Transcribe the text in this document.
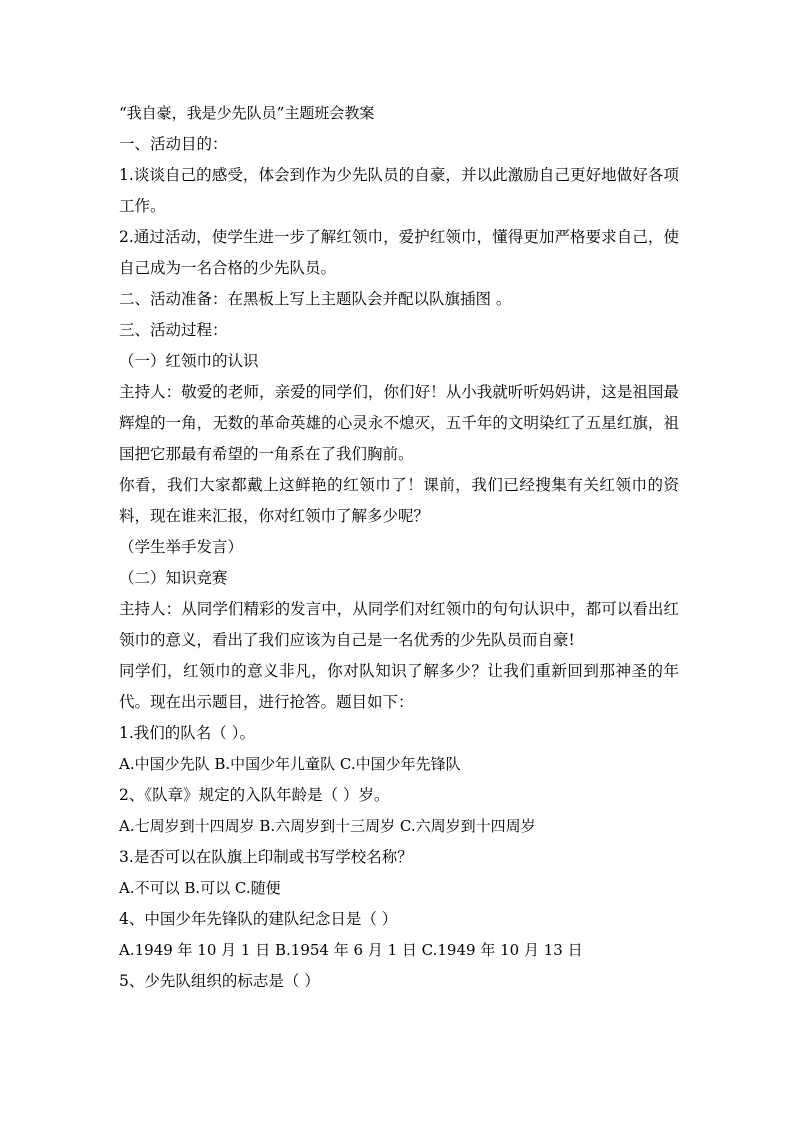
“我自豪，我是少先队员”主题班会教案
一、活动目的：
1.谈谈自己的感受，体会到作为少先队员的自豪，并以此激励自己更好地做好各项工作。
2.通过活动，使学生进一步了解红领巾，爱护红领巾，懂得更加严格要求自己，使自己成为一名合格的少先队员。
二、活动准备：在黑板上写上主题队会并配以队旗插图 。
三、活动过程：
（一）红领巾的认识
主持人：敬爱的老师，亲爱的同学们，你们好！从小我就听听妈妈讲，这是祖国最辉煌的一角，无数的革命英雄的心灵永不熄灭，五千年的文明染红了五星红旗，祖国把它那最有希望的一角系在了我们胸前。
你看，我们大家都戴上这鲜艳的红领巾了！课前，我们已经搜集有关红领巾的资料，现在谁来汇报，你对红领巾了解多少呢？
（学生举手发言）
（二）知识竞赛
主持人：从同学们精彩的发言中，从同学们对红领巾的句句认识中，都可以看出红领巾的意义，看出了我们应该为自己是一名优秀的少先队员而自豪!
同学们，红领巾的意义非凡，你对队知识了解多少？让我们重新回到那神圣的年代。现在出示题目，进行抢答。题目如下：
1.我们的队名（ ）。
A.中国少先队 B.中国少年儿童队 C.中国少年先锋队
2、《队章》规定的入队年龄是（ ）岁。
A.七周岁到十四周岁 B.六周岁到十三周岁 C.六周岁到十四周岁
3.是否可以在队旗上印制或书写学校名称？
A.不可以 B.可以 C.随便
4、中国少年先锋队的建队纪念日是（ ）
A.1949 年 10 月 1 日 B.1954 年 6 月 1 日 C.1949 年 10 月 13 日
5、少先队组织的标志是（ ）
